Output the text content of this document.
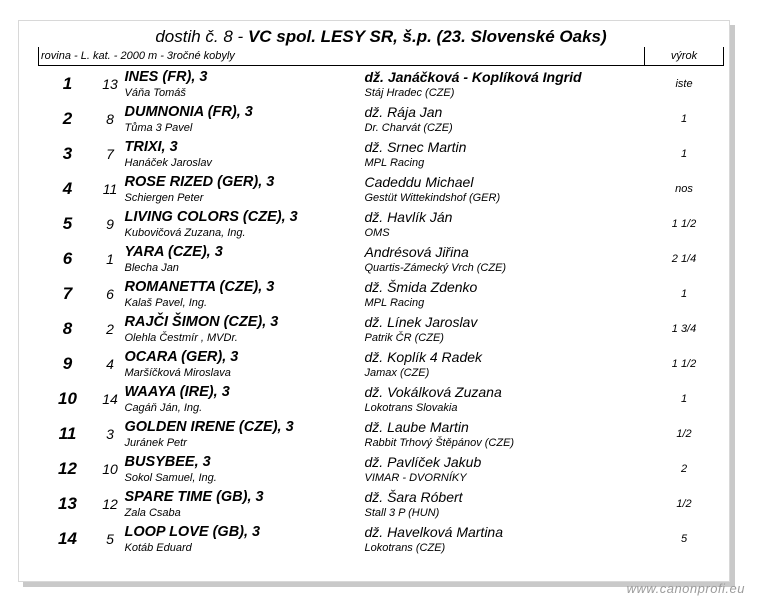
dostih č. 8 - VC spol. LESY SR, š.p. (23. Slovenské Oaks)				
rovina - L. kat. - 2000 m - 3ročné kobyly				výrok
1	13	INES (FR), 3	dž. Janáčková - Koplíková Ingrid	iste
		Váňa Tomáš	Stáj Hradec (CZE)	
2	8	DUMNONIA (FR), 3	dž. Rája Jan	1
		Tůma 3 Pavel	Dr. Charvát (CZE)	
3	7	TRIXI, 3	dž. Srnec Martin	1
		Hanáček Jaroslav	MPL Racing	
4	11	ROSE RIZED (GER), 3	Cadeddu Michael	nos
		Schiergen Peter	Gestüt Wittekindshof (GER)	
5	9	LIVING COLORS (CZE), 3	dž. Havlík Ján	1 1/2
		Kubovičová Zuzana, Ing.	OMS	
6	1	YARA (CZE), 3	Andrésová Jiřina	2 1/4
		Blecha Jan	Quartis-Zámecký Vrch (CZE)	
7	6	ROMANETTA (CZE), 3	dž. Šmida Zdenko	1
		Kalaš Pavel, Ing.	MPL Racing	
8	2	RAJČI ŠIMON (CZE), 3	dž. Línek Jaroslav	1 3/4
		Olehla Čestmír , MVDr.	Patrik ČR (CZE)	
9	4	OCARA (GER), 3	dž. Koplík 4 Radek	1 1/2
		Maršíčková Miroslava	Jamax (CZE)	
10	14	WAAYA (IRE), 3	dž. Vokálková Zuzana	1
		Cagáň Ján, Ing.	Lokotrans Slovakia	
11	3	GOLDEN IRENE (CZE), 3	dž. Laube Martin	1/2
		Juránek Petr	Rabbit Trhový Štěpánov (CZE)	
12	10	BUSYBEE, 3	dž. Pavlíček Jakub	2
		Sokol Samuel, Ing.	VIMAR - DVORNÍKY	
13	12	SPARE TIME (GB), 3	dž. Šara Róbert	1/2
		Zala Csaba	Stall 3 P (HUN)	
14	5	LOOP LOVE (GB), 3	dž. Havelková Martina	5
		Kotáb Eduard	Lokotrans (CZE)	
www.canonprofi.eu
